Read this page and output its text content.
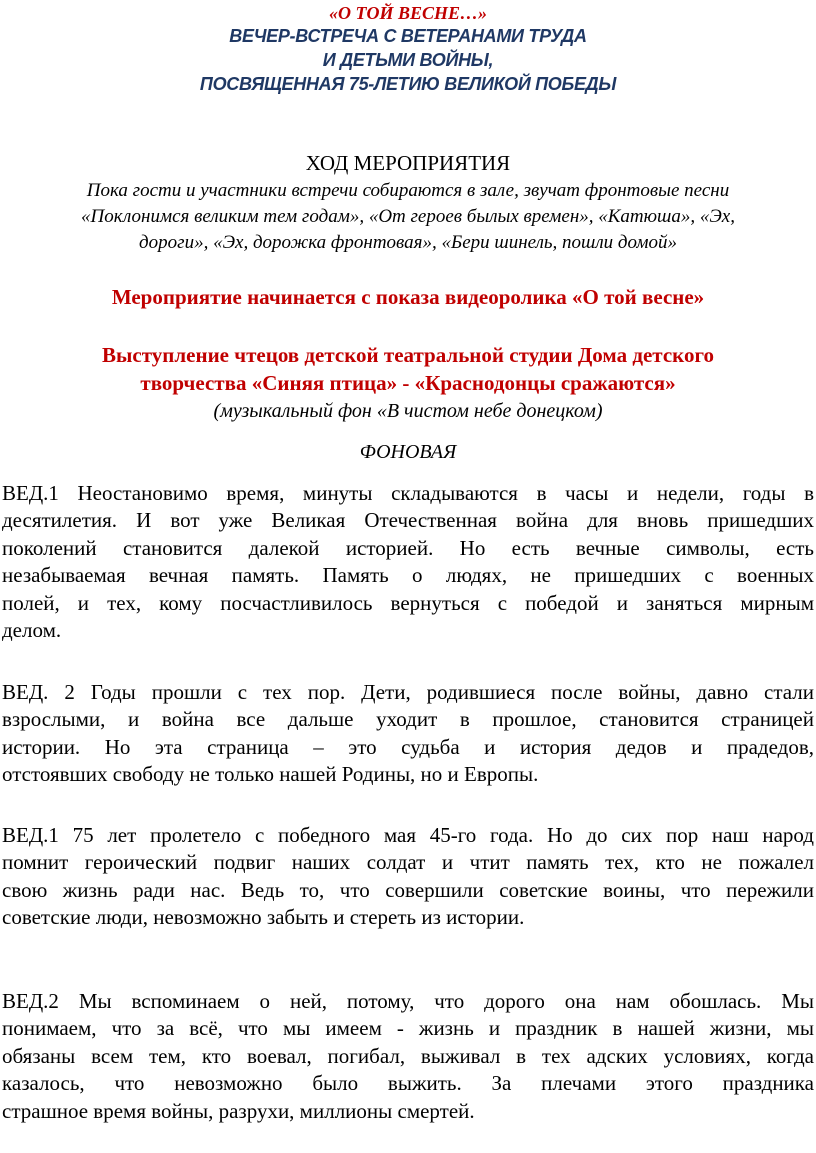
«О ТОЙ ВЕСНЕ…»
ВЕЧЕР-ВСТРЕЧА С ВЕТЕРАНАМИ ТРУДА
И ДЕТЬМИ ВОЙНЫ,
ПОСВЯЩЕННАЯ 75-ЛЕТИЮ ВЕЛИКОЙ ПОБЕДЫ
ХОД МЕРОПРИЯТИЯ
Пока гости и участники встречи собираются в зале, звучат фронтовые песни
«Поклонимся великим тем годам», «От героев былых времен», «Катюша», «Эх,
дороги», «Эх, дорожка фронтовая», «Бери шинель, пошли домой»
Мероприятие начинается с показа видеоролика «О той весне»
Выступление чтецов детской театральной студии Дома детского
творчества «Синяя птица» - «Краснодонцы сражаются»
(музыкальный фон «В чистом небе донецком)
ФОНОВАЯ
ВЕД.1 Неостановимо время, минуты складываются в часы и недели, годы в
десятилетия. И вот уже Великая Отечественная война для вновь пришедших
поколений становится далекой историей. Но есть вечные символы, есть
незабываемая вечная память. Память о людях, не пришедших с военных
полей, и тех, кому посчастливилось вернуться с победой и заняться мирным
делом.
ВЕД. 2 Годы прошли с тех пор. Дети, родившиеся после войны, давно стали
взрослыми, и война все дальше уходит в прошлое, становится страницей
истории. Но эта страница – это судьба и история дедов и прадедов,
отстоявших свободу не только нашей Родины, но и Европы.
ВЕД.1 75 лет пролетело с победного мая 45-го года. Но до сих пор наш народ
помнит героический подвиг наших солдат и чтит память тех, кто не пожалел
свою жизнь ради нас. Ведь то, что совершили советские воины, что пережили
советские люди, невозможно забыть и стереть из истории.
ВЕД.2 Мы вспоминаем о ней, потому, что дорого она нам обошлась. Мы
понимаем, что за всё, что мы имеем - жизнь и праздник в нашей жизни, мы
обязаны всем тем, кто воевал, погибал, выживал в тех адских условиях, когда
казалось, что невозможно было выжить. За плечами этого праздника
страшное время войны, разрухи, миллионы смертей.
